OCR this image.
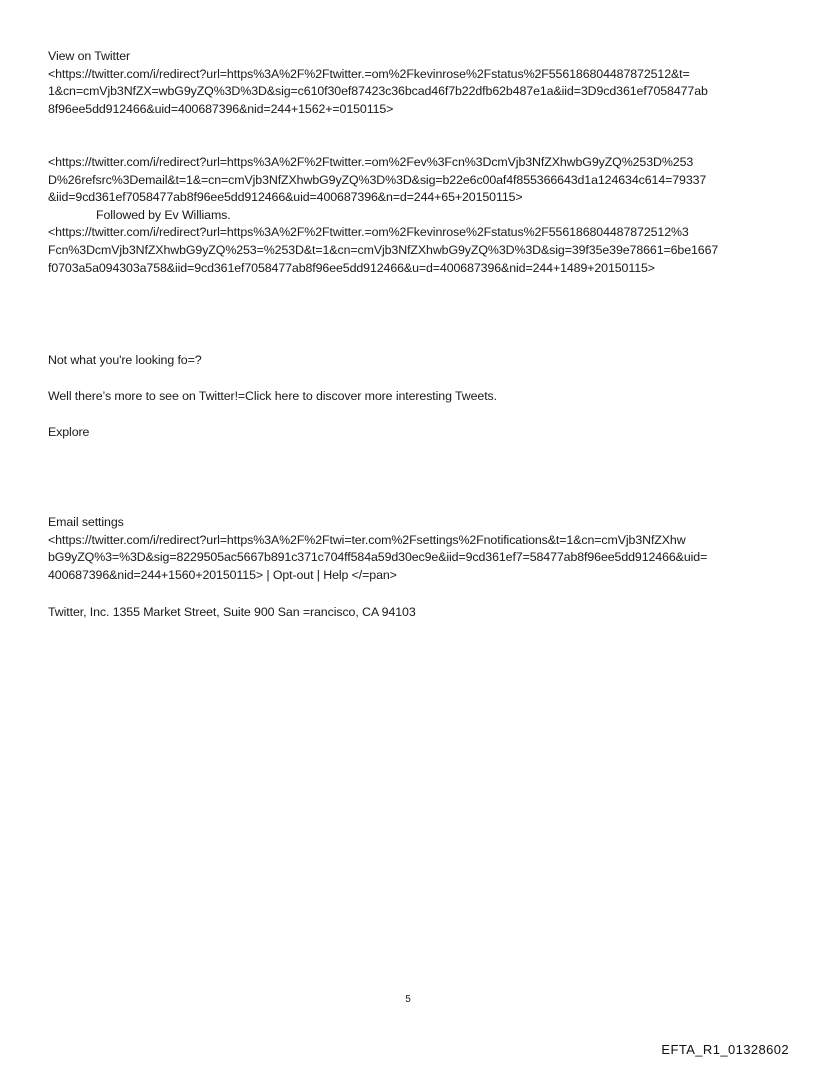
View on Twitter
<https://twitter.com/i/redirect?url=https%3A%2F%2Ftwitter.=om%2Fkevinrose%2Fstatus%2F556186804487872512&t=
1&cn=cmVjb3NfZX=wbG9yZQ%3D%3D&sig=c610f30ef87423c36bcad46f7b22dfb62b487e1a&iid=3D9cd361ef7058477ab
8f96ee5dd912466&uid=400687396&nid=244+1562+=0150115>
<https://twitter.com/i/redirect?url=https%3A%2F%2Ftwitter.=om%2Fev%3Fcn%3DcmVjb3NfZXhwbG9yZQ%253D%253
D%26refsrc%3Demail&t=1&=cn=cmVjb3NfZXhwbG9yZQ%3D%3D&sig=b22e6c00af4f855366643d1a124634c614=79337
&iid=9cd361ef7058477ab8f96ee5dd912466&uid=400687396&n=d=244+65+20150115>
Followed by Ev Williams.
<https://twitter.com/i/redirect?url=https%3A%2F%2Ftwitter.=om%2Fkevinrose%2Fstatus%2F556186804487872512%3
Fcn%3DcmVjb3NfZXhwbG9yZQ%253=%253D&t=1&cn=cmVjb3NfZXhwbG9yZQ%3D%3D&sig=39f35e39e78661=6be1667
f0703a5a094303a758&iid=9cd361ef7058477ab8f96ee5dd912466&u=d=400687396&nid=244+1489+20150115>
Not what you're looking fo=?
Well there’s more to see on Twitter!=Click here to discover more interesting Tweets.
Explore
Email settings
<https://twitter.com/i/redirect?url=https%3A%2F%2Ftwi=ter.com%2Fsettings%2Fnotifications&t=1&cn=cmVjb3NfZXhw
bG9yZQ%3=%3D&sig=8229505ac5667b891c371c704ff584a59d30ec9e&iid=9cd361ef7=58477ab8f96ee5dd912466&uid=
400687396&nid=244+1560+20150115> | Opt-out | Help </=pan>
Twitter, Inc. 1355 Market Street, Suite 900 San =rancisco, CA 94103
5
EFTA_R1_01328602
